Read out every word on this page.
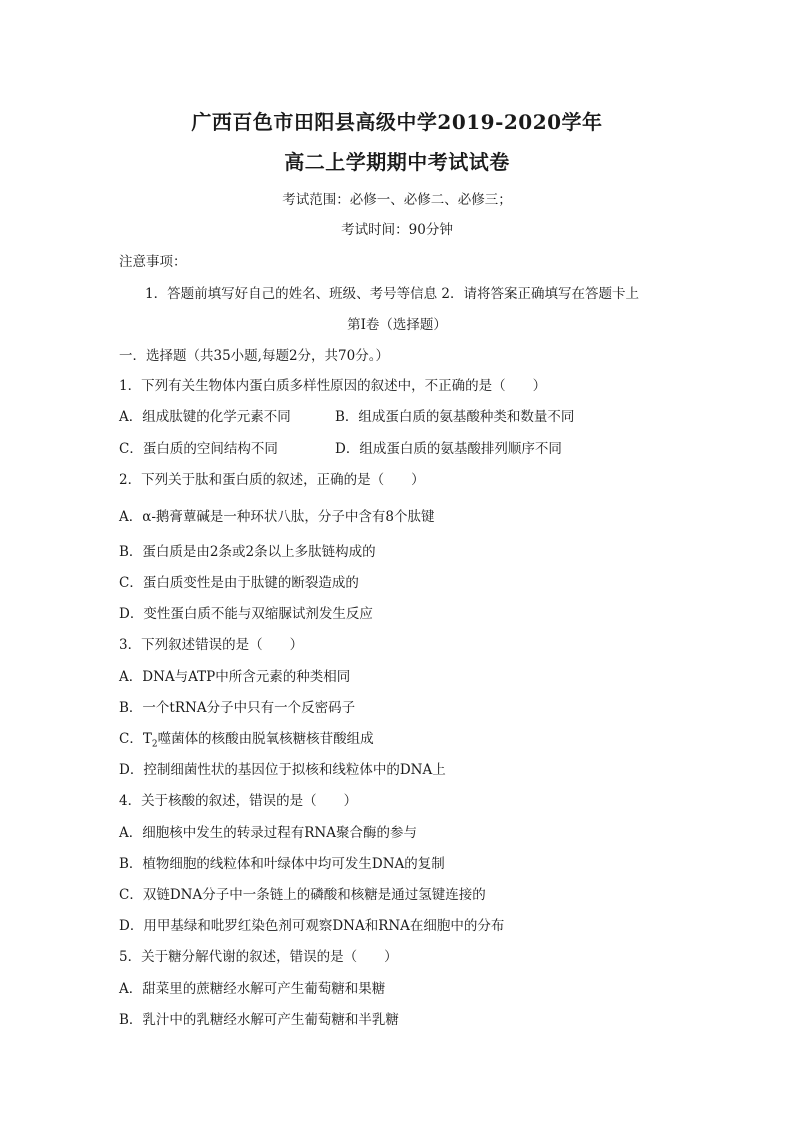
广西百色市田阳县高级中学2019-2020学年
高二上学期期中考试试卷
考试范围：必修一、必修二、必修三；
考试时间：90分钟
注意事项：
1．答题前填写好自己的姓名、班级、考号等信息 2．请将答案正确填写在答题卡上
第I卷（选择题）
一．选择题（共35小题,每题2分，共70分。）
1．下列有关生物体内蛋白质多样性原因的叙述中，不正确的是（　　）
A．组成肽键的化学元素不同	B．组成蛋白质的氨基酸种类和数量不同
C．蛋白质的空间结构不同	D．组成蛋白质的氨基酸排列顺序不同
2．下列关于肽和蛋白质的叙述，正确的是（　　）
A．α-鹅膏蕈碱是一种环状八肽，分子中含有8个肽键
B．蛋白质是由2条或2条以上多肽链构成的
C．蛋白质变性是由于肽键的断裂造成的
D．变性蛋白质不能与双缩脲试剂发生反应
3．下列叙述错误的是（　　）
A．DNA与ATP中所含元素的种类相同
B．一个tRNA分子中只有一个反密码子
C．$T_2$噬菌体的核酸由脱氧核糖核苷酸组成
D．控制细菌性状的基因位于拟核和线粒体中的DNA上
4．关于核酸的叙述，错误的是（　　）
A．细胞核中发生的转录过程有RNA聚合酶的参与
B．植物细胞的线粒体和叶绿体中均可发生DNA的复制
C．双链DNA分子中一条链上的磷酸和核糖是通过氢键连接的
D．用甲基绿和吡罗红染色剂可观察DNA和RNA在细胞中的分布
5．关于糖分解代谢的叙述，错误的是（　　）
A．甜菜里的蔗糖经水解可产生葡萄糖和果糖
B．乳汁中的乳糖经水解可产生葡萄糖和半乳糖
